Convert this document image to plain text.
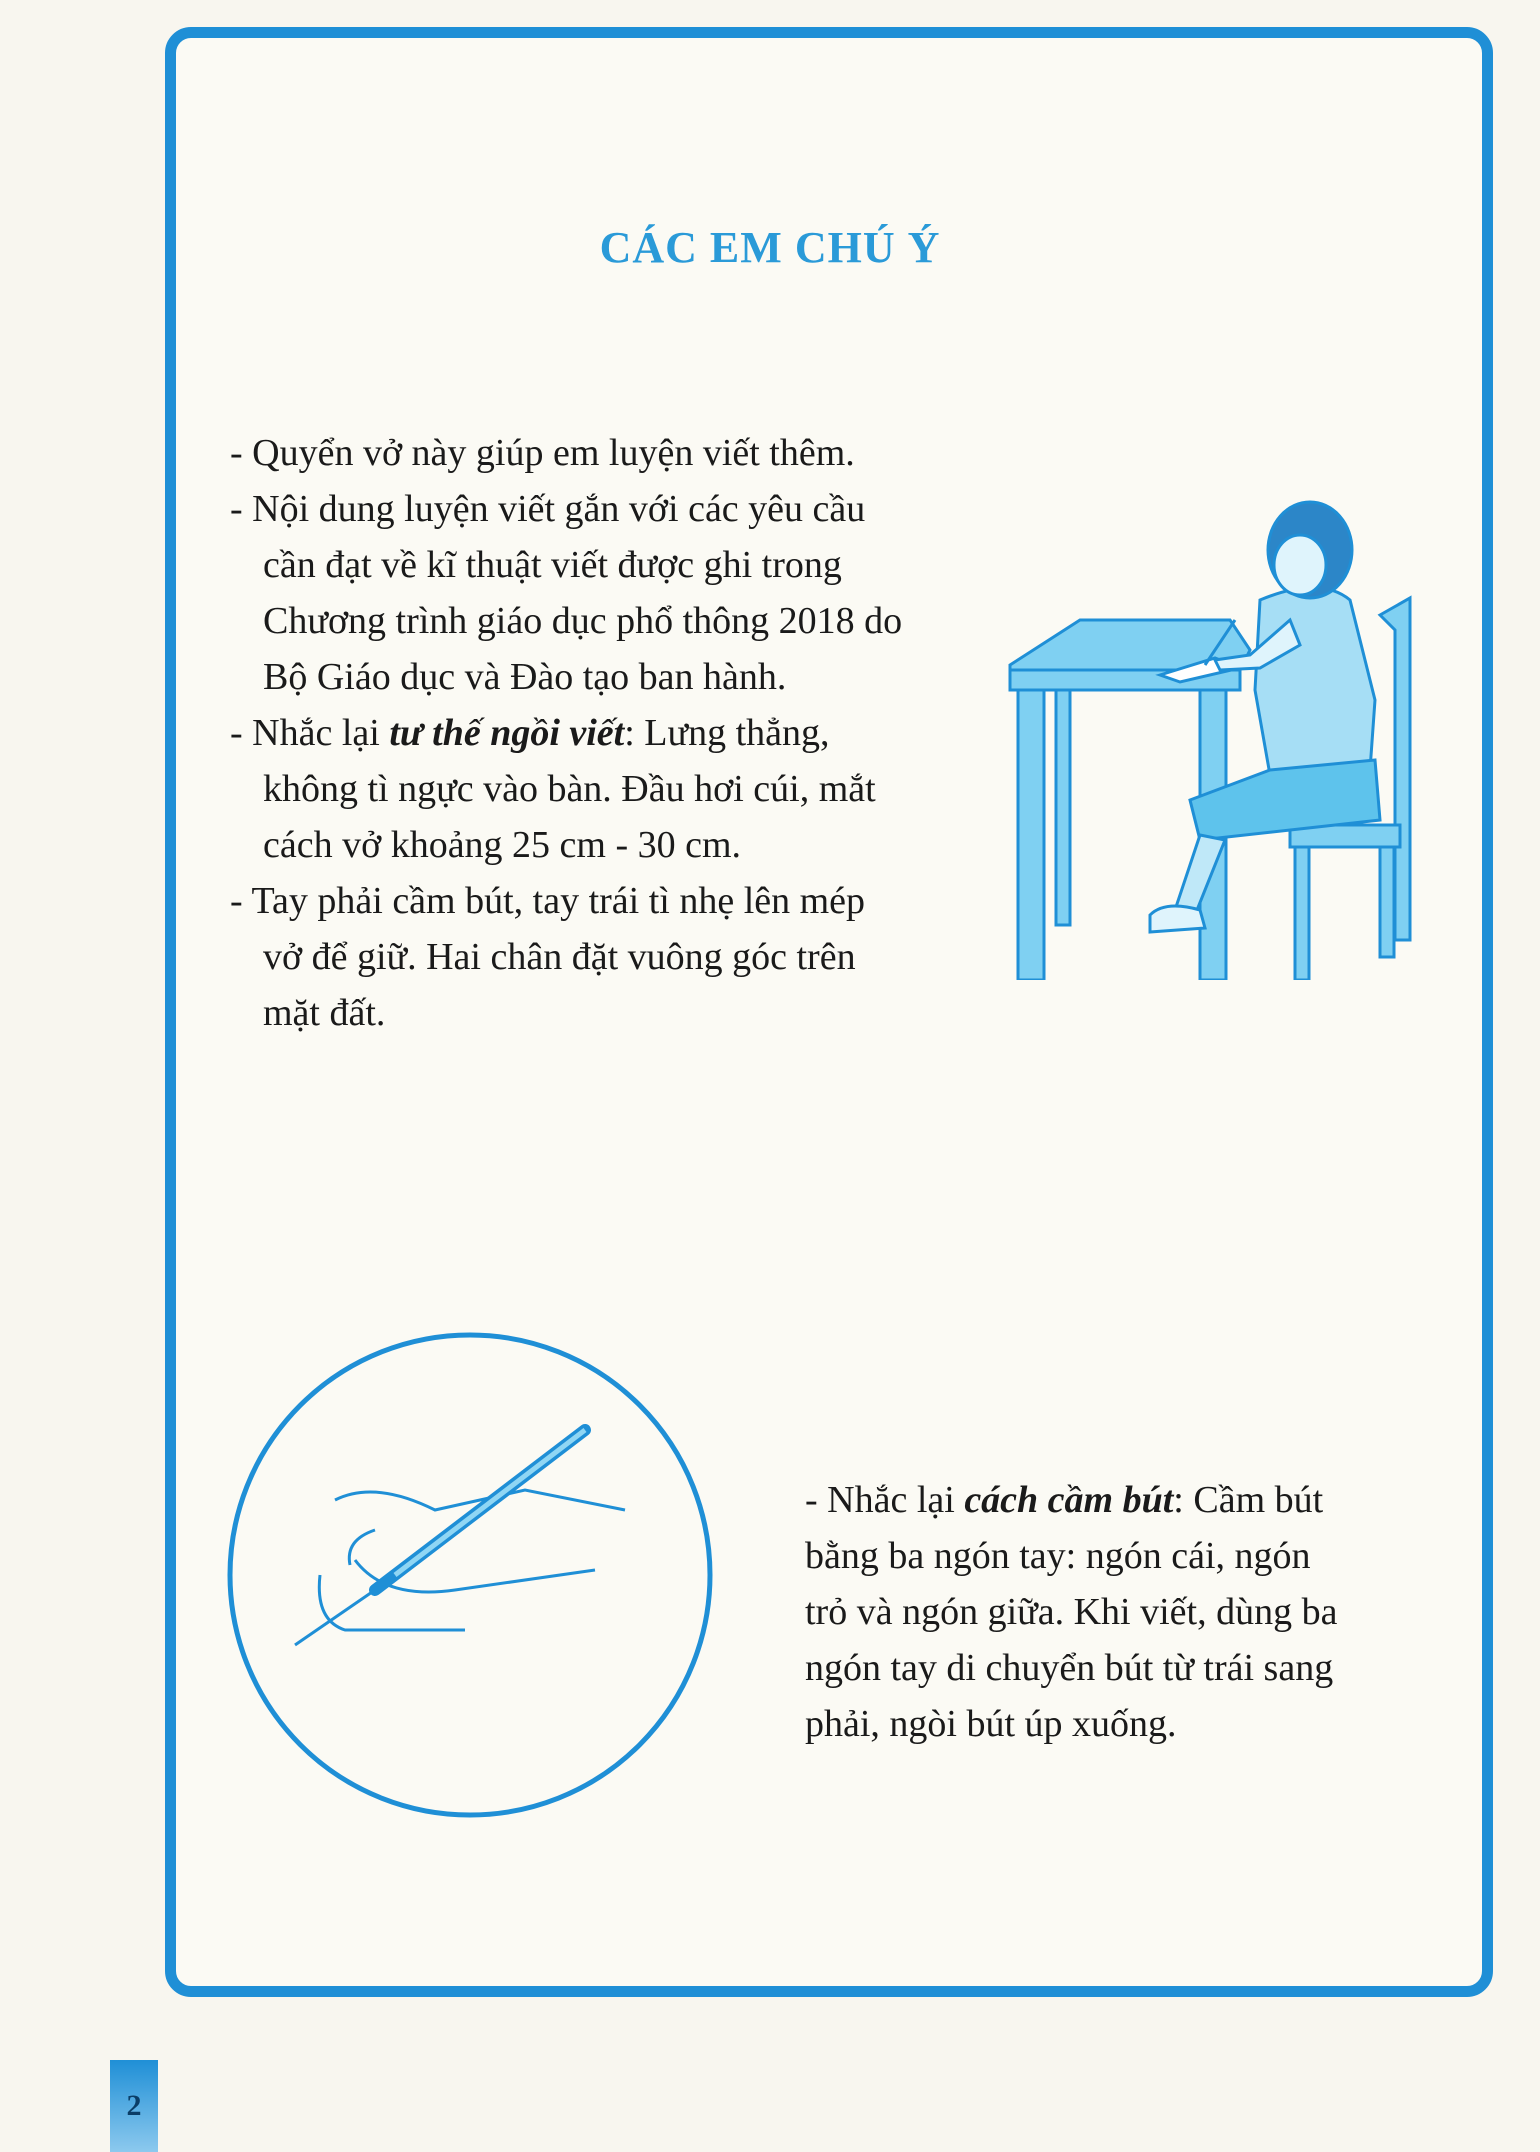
CÁC EM CHÚ Ý
- Quyển vở này giúp em luyện viết thêm.
- Nội dung luyện viết gắn với các yêu cầu
cần đạt về kĩ thuật viết được ghi trong
Chương trình giáo dục phổ thông 2018 do
Bộ Giáo dục và Đào tạo ban hành.
- Nhắc lại tư thế ngồi viết: Lưng thẳng,
không tì ngực vào bàn. Đầu hơi cúi, mắt
cách vở khoảng 25 cm - 30 cm.
- Tay phải cầm bút, tay trái tì nhẹ lên mép
vở để giữ. Hai chân đặt vuông góc trên
mặt đất.
- Nhắc lại cách cầm bút: Cầm bút
bằng ba ngón tay: ngón cái, ngón
trỏ và ngón giữa. Khi viết, dùng ba
ngón tay di chuyển bút từ trái sang
phải, ngòi bút úp xuống.
2
